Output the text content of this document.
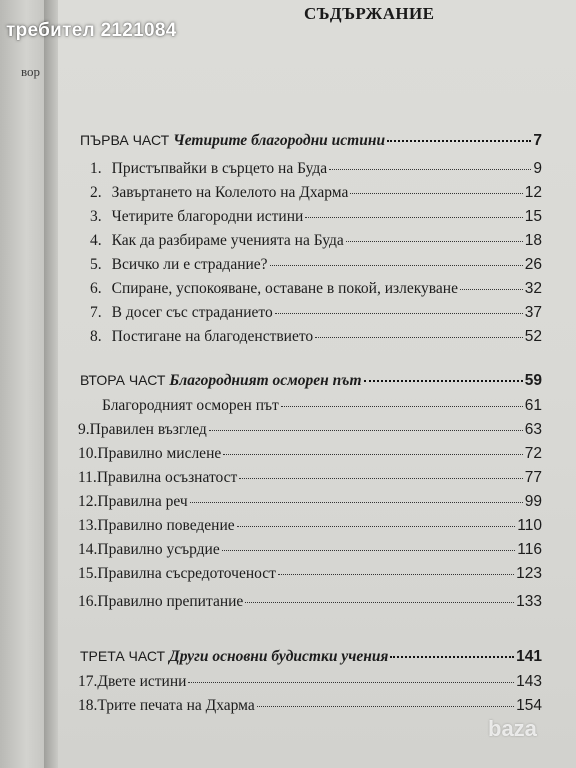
вор
СЪДЪРЖАНИЕ
ПЪРВА ЧАСТ Четирите благородни истини	7
1. Пристъпвайки в сърцето на Буда	9
2. Завъртането на Колелото на Дхарма	12
3. Четирите благородни истини	15
4. Как да разбираме ученията на Буда	18
5. Всичко ли е страдание?	26
6. Спиране, успокояване, оставане в покой, излекуване	32
7. В досег със страданието	37
8. Постигане на благоденствието	52
ВТОРА ЧАСТ Благородният осморен път	59
Благородният осморен път	61
9. Правилен възглед	63
10. Правилно мислене	72
11. Правилна осъзнатост	77
12. Правилна реч	99
13. Правилно поведение	110
14. Правилно усърдие	116
15. Правилна съсредоточеност	123
16. Правилно препитание	133
ТРЕТА ЧАСТ Други основни будистки учения	141
17. Двете истини	143
18. Трите печата на Дхарма	154
требител 2121084
baza
